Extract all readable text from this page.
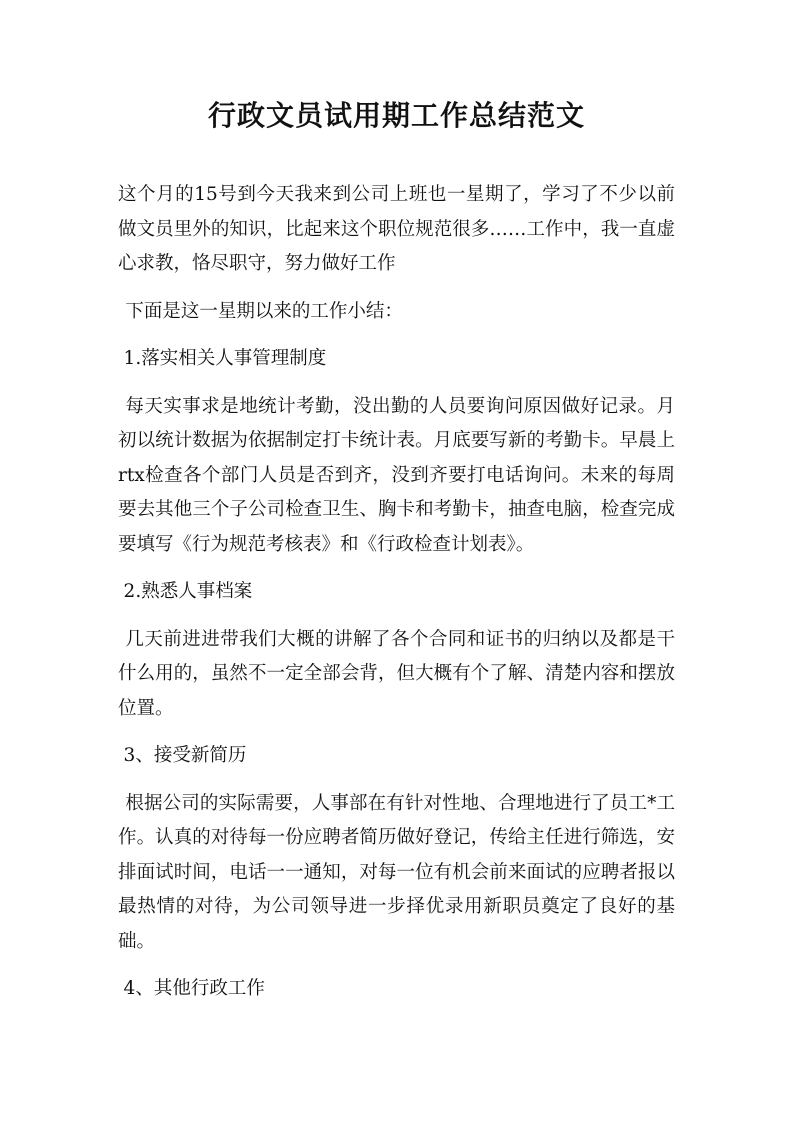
行政文员试用期工作总结范文

这个月的15号到今天我来到公司上班也一星期了，学习了不少以前做文员里外的知识，比起来这个职位规范很多……工作中，我一直虚心求教，恪尽职守，努力做好工作

下面是这一星期以来的工作小结：

1.落实相关人事管理制度

每天实事求是地统计考勤，没出勤的人员要询问原因做好记录。月初以统计数据为依据制定打卡统计表。月底要写新的考勤卡。早晨上rtx检查各个部门人员是否到齐，没到齐要打电话询问。未来的每周要去其他三个子公司检查卫生、胸卡和考勤卡，抽查电脑，检查完成要填写《行为规范考核表》和《行政检查计划表》。

2.熟悉人事档案

几天前进进带我们大概的讲解了各个合同和证书的归纳以及都是干什么用的，虽然不一定全部会背，但大概有个了解、清楚内容和摆放位置。

3、接受新简历

根据公司的实际需要，人事部在有针对性地、合理地进行了员工*工作。认真的对待每一份应聘者简历做好登记，传给主任进行筛选，安排面试时间，电话一一通知，对每一位有机会前来面试的应聘者报以最热情的对待，为公司领导进一步择优录用新职员奠定了良好的基础。

4、其他行政工作
